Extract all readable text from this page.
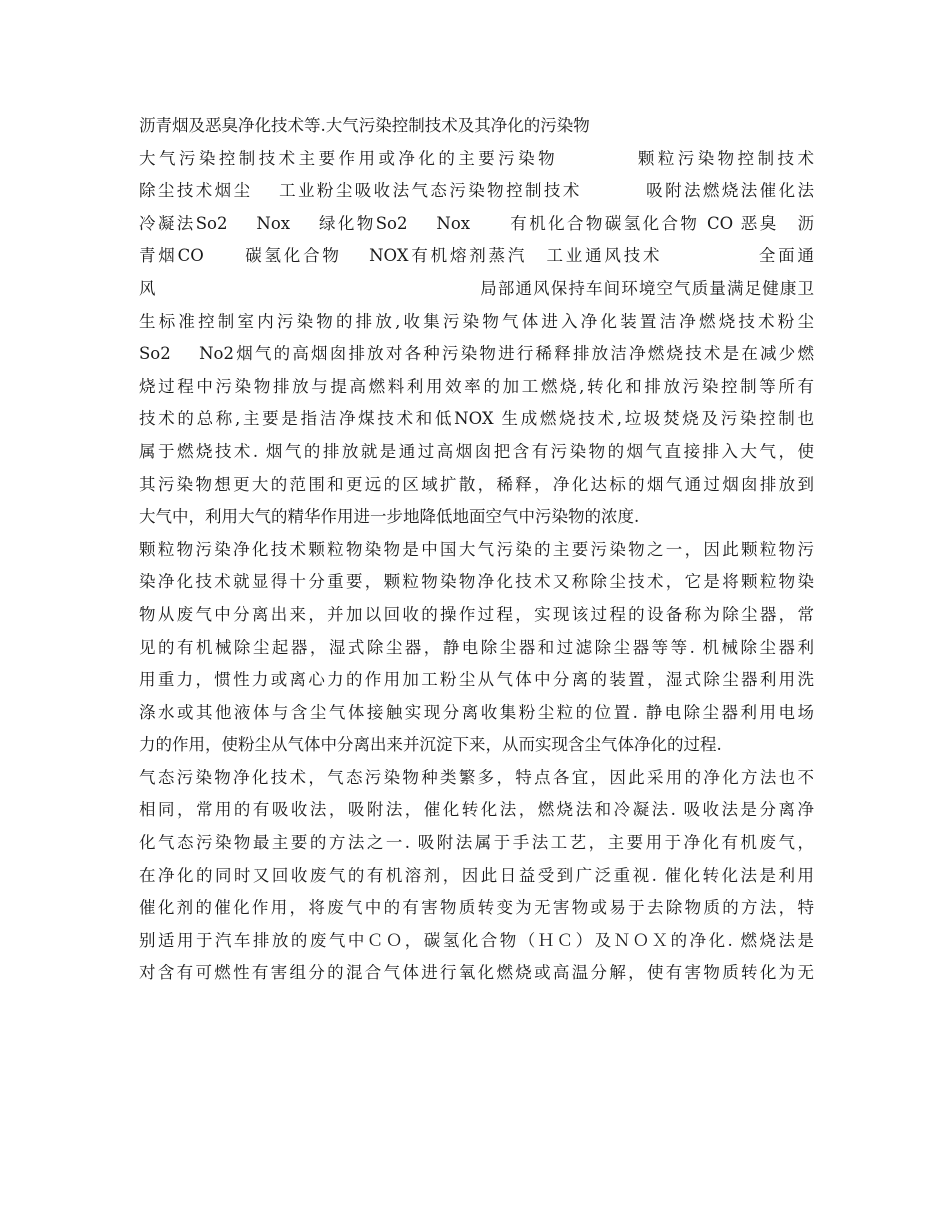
沥青烟及恶臭净化技术等.大气污染控制技术及其净化的污染物
大气污染控制技术主要作用或净化的主要污染物　　　　颗粒污染物控制技术
除尘技术烟尘　 工业粉尘吸收法气态污染物控制技术　　　 吸附法燃烧法催化法
冷凝法So2　 Nox　 绿化物So2　 Nox　　有机化合物碳氢化合物 CO 恶臭　沥
青烟CO　　碳氢化合物　 NOX有机熔剂蒸汽　工业通风技术　　　　　全面通
风　　　　　　　　　　　　　　　　　　 局部通风保持车间环境空气质量满足健康卫
生标准控制室内污染物的排放,收集污染物气体进入净化装置洁净燃烧技术粉尘
So2　 No2烟气的高烟囱排放对各种污染物进行稀释排放洁净燃烧技术是在减少燃
烧过程中污染物排放与提高燃料利用效率的加工燃烧,转化和排放污染控制等所有
技术的总称,主要是指洁净煤技术和低NOX 生成燃烧技术,垃圾焚烧及污染控制也
属于燃烧技术. 烟气的排放就是通过高烟囱把含有污染物的烟气直接排入大气，使
其污染物想更大的范围和更远的区域扩散，稀释，净化达标的烟气通过烟囱排放到
大气中，利用大气的精华作用进一步地降低地面空气中污染物的浓度.
颗粒物污染净化技术颗粒物染物是中国大气污染的主要污染物之一，因此颗粒物污
染净化技术就显得十分重要，颗粒物染物净化技术又称除尘技术，它是将颗粒物染
物从废气中分离出来，并加以回收的操作过程，实现该过程的设备称为除尘器，常
见的有机械除尘起器，湿式除尘器，静电除尘器和过滤除尘器等等. 机械除尘器利
用重力，惯性力或离心力的作用加工粉尘从气体中分离的装置，湿式除尘器利用洗
涤水或其他液体与含尘气体接触实现分离收集粉尘粒的位置. 静电除尘器利用电场
力的作用，使粉尘从气体中分离出来并沉淀下来，从而实现含尘气体净化的过程.
气态污染物净化技术，气态污染物种类繁多，特点各宜，因此采用的净化方法也不
相同，常用的有吸收法，吸附法，催化转化法，燃烧法和冷凝法. 吸收法是分离净
化气态污染物最主要的方法之一. 吸附法属于手法工艺，主要用于净化有机废气，
在净化的同时又回收废气的有机溶剂，因此日益受到广泛重视. 催化转化法是利用
催化剂的催化作用，将废气中的有害物质转变为无害物或易于去除物质的方法，特
别适用于汽车排放的废气中ＣＯ，碳氢化合物（ＨＣ）及ＮＯＸ的净化. 燃烧法是
对含有可燃性有害组分的混合气体进行氧化燃烧或高温分解，使有害物质转化为无
